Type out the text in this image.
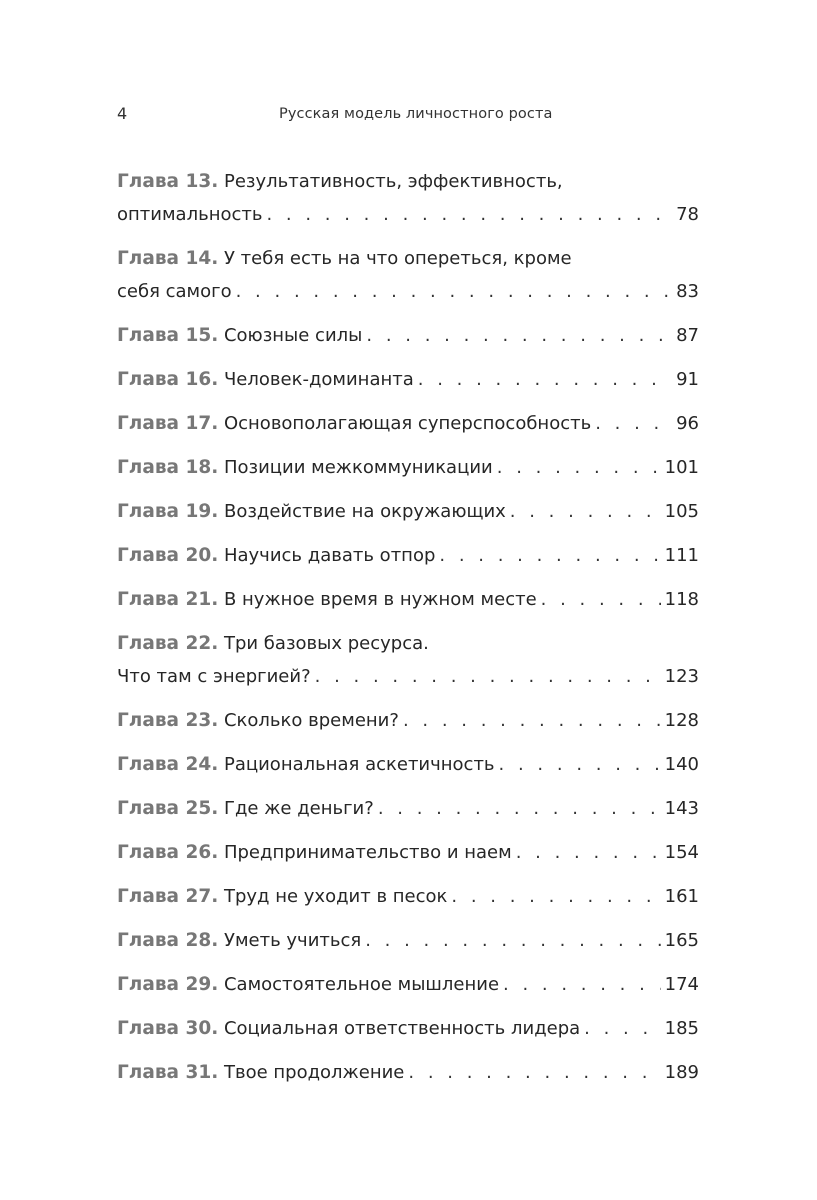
4	Русская модель личностного роста
Глава 13. Результативность, эффективность,
оптимальность . . .	78
Глава 14. У тебя есть на что опереться, кроме
себя самого . . .	83
Глава 15. Союзные силы . . .	87
Глава 16. Человек-доминанта . . .	91
Глава 17. Основополагающая суперспособность . . .	96
Глава 18. Позиции межкоммуникации . . .	101
Глава 19. Воздействие на окружающих . . .	105
Глава 20. Научись давать отпор . . .	111
Глава 21. В нужное время в нужном месте . . .	118
Глава 22. Три базовых ресурса.
Что там с энергией? . . .	123
Глава 23. Сколько времени? . . .	128
Глава 24. Рациональная аскетичность . . .	140
Глава 25. Где же деньги? . . .	143
Глава 26. Предпринимательство и наем . . .	154
Глава 27. Труд не уходит в песок . . .	161
Глава 28. Уметь учиться . . .	165
Глава 29. Самостоятельное мышление . . .	174
Глава 30. Социальная ответственность лидера . . .	185
Глава 31. Твое продолжение . . .	189
